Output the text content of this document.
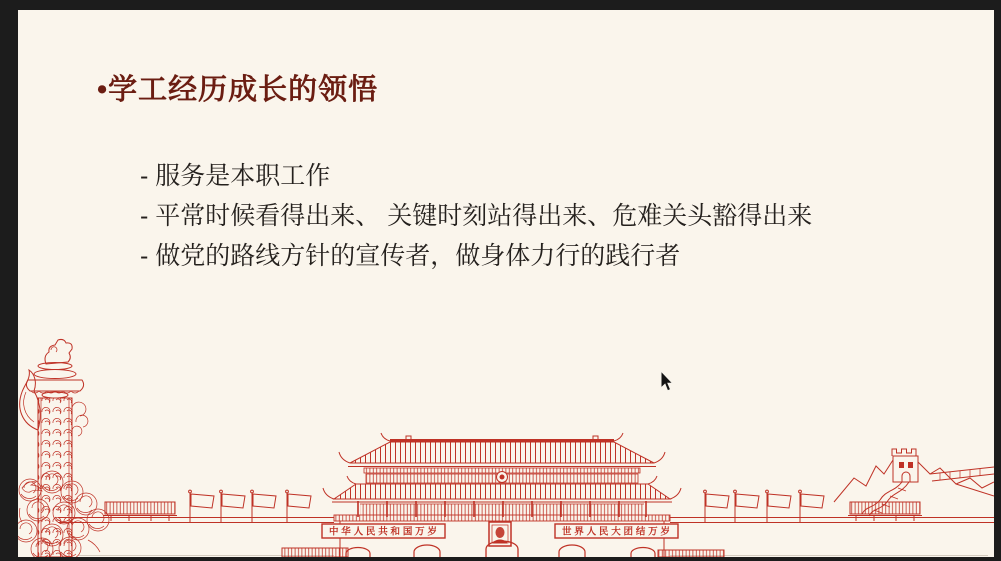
•学工经历成长的领悟
- 服务是本职工作
- 平常时候看得出来、 关键时刻站得出来、危难关头豁得出来
- 做党的路线方针的宣传者，做身体力行的践行者
中华人民共和国万岁	世界人民大团结万岁
